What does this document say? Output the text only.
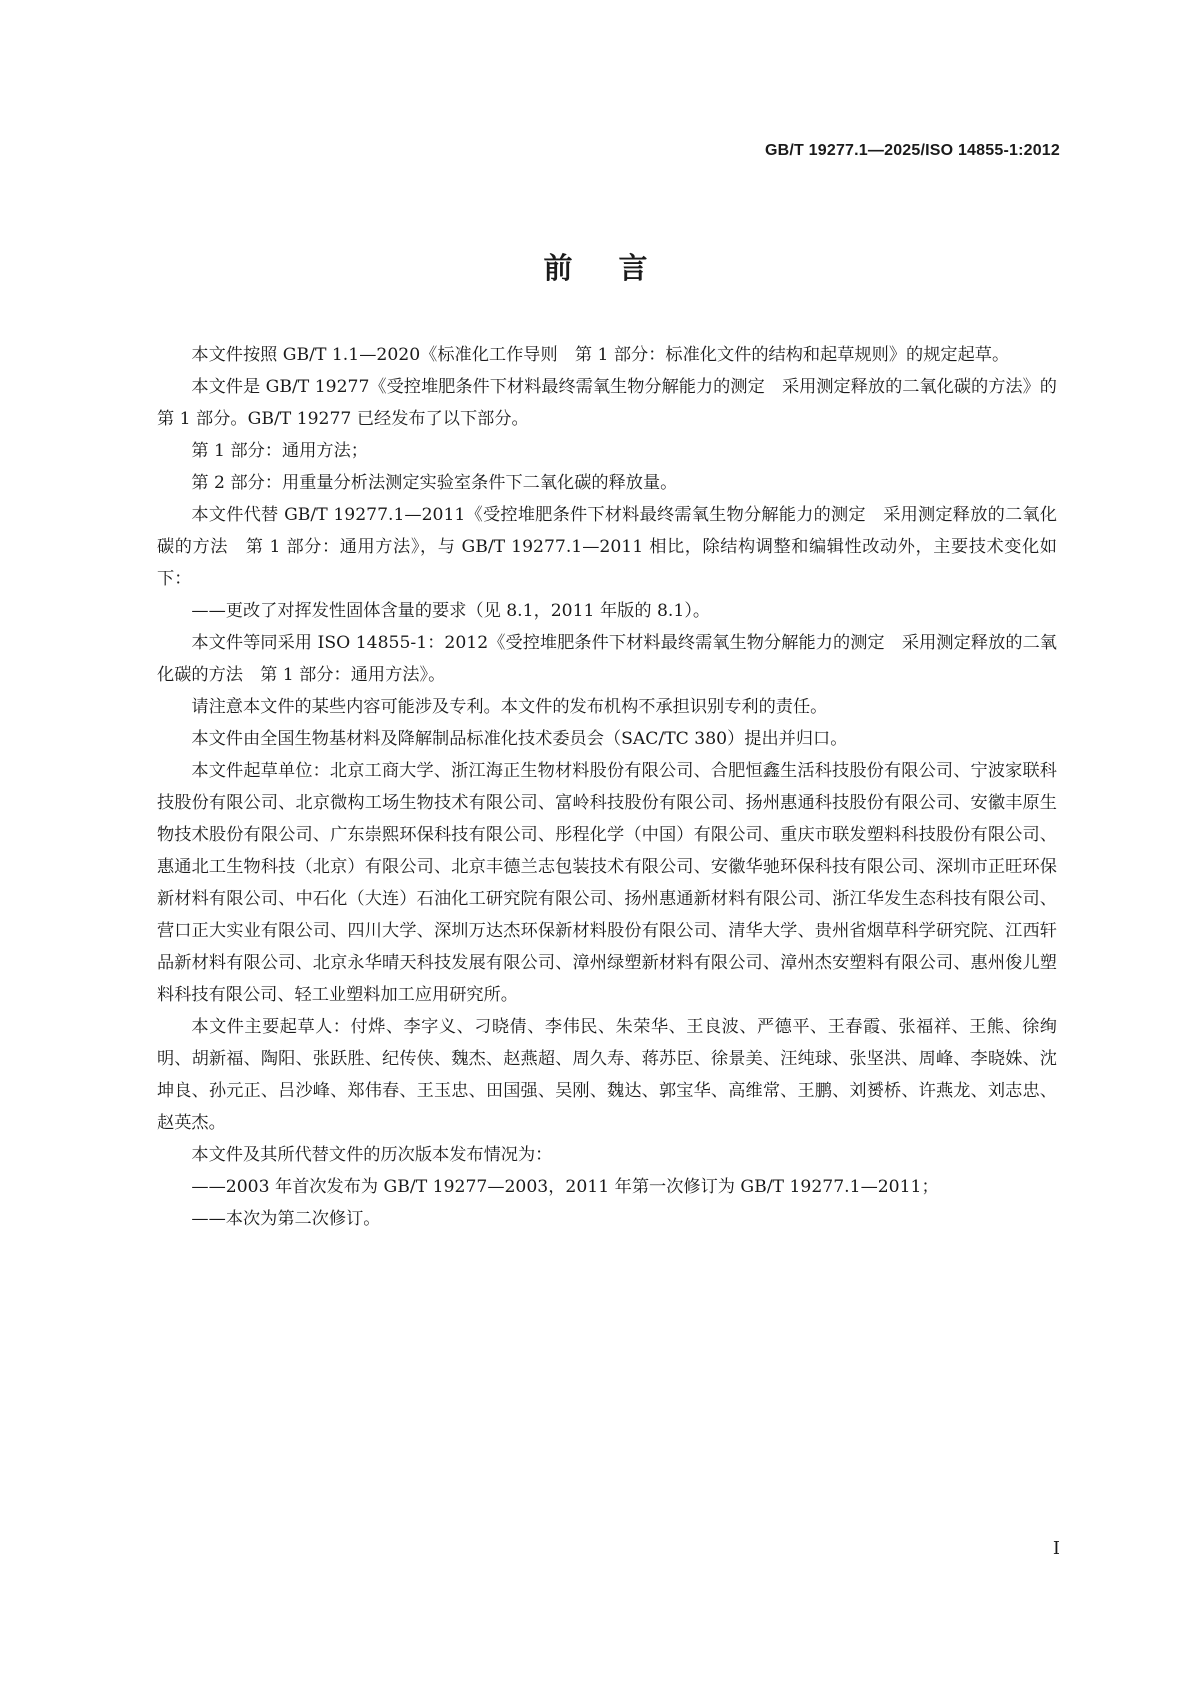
GB/T 19277.1—2025/ISO 14855-1:2012
前言

本文件按照 GB/T 1.1—2020《标准化工作导则　第 1 部分：标准化文件的结构和起草规则》的规定起草。

本文件是 GB/T 19277《受控堆肥条件下材料最终需氧生物分解能力的测定　采用测定释放的二氧化碳的方法》的第 1 部分。GB/T 19277 已经发布了以下部分。

第 1 部分：通用方法；

第 2 部分：用重量分析法测定实验室条件下二氧化碳的释放量。

本文件代替 GB/T 19277.1—2011《受控堆肥条件下材料最终需氧生物分解能力的测定　采用测定释放的二氧化碳的方法　第 1 部分：通用方法》，与 GB/T 19277.1—2011 相比，除结构调整和编辑性改动外，主要技术变化如下：

——更改了对挥发性固体含量的要求（见 8.1，2011 年版的 8.1）。

本文件等同采用 ISO 14855-1：2012《受控堆肥条件下材料最终需氧生物分解能力的测定　采用测定释放的二氧化碳的方法　第 1 部分：通用方法》。

请注意本文件的某些内容可能涉及专利。本文件的发布机构不承担识别专利的责任。

本文件由全国生物基材料及降解制品标准化技术委员会（SAC/TC 380）提出并归口。

本文件起草单位：北京工商大学、浙江海正生物材料股份有限公司、合肥恒鑫生活科技股份有限公司、宁波家联科技股份有限公司、北京微构工场生物技术有限公司、富岭科技股份有限公司、扬州惠通科技股份有限公司、安徽丰原生物技术股份有限公司、广东崇熙环保科技有限公司、彤程化学（中国）有限公司、重庆市联发塑料科技股份有限公司、惠通北工生物科技（北京）有限公司、北京丰德兰志包装技术有限公司、安徽华驰环保科技有限公司、深圳市正旺环保新材料有限公司、中石化（大连）石油化工研究院有限公司、扬州惠通新材料有限公司、浙江华发生态科技有限公司、营口正大实业有限公司、四川大学、深圳万达杰环保新材料股份有限公司、清华大学、贵州省烟草科学研究院、江西轩品新材料有限公司、北京永华晴天科技发展有限公司、漳州绿塑新材料有限公司、漳州杰安塑料有限公司、惠州俊儿塑料科技有限公司、轻工业塑料加工应用研究所。

本文件主要起草人：付烨、李字义、刁晓倩、李伟民、朱荣华、王良波、严德平、王春霞、张福祥、王熊、徐绚明、胡新福、陶阳、张跃胜、纪传侠、魏杰、赵燕超、周久寿、蒋苏臣、徐景美、汪纯球、张坚洪、周峰、李晓姝、沈坤良、孙元正、吕沙峰、郑伟春、王玉忠、田国强、吴刚、魏达、郭宝华、高维常、王鹏、刘赟桥、许燕龙、刘志忠、赵英杰。

本文件及其所代替文件的历次版本发布情况为：

——2003 年首次发布为 GB/T 19277—2003，2011 年第一次修订为 GB/T 19277.1—2011；

——本次为第二次修订。

I
